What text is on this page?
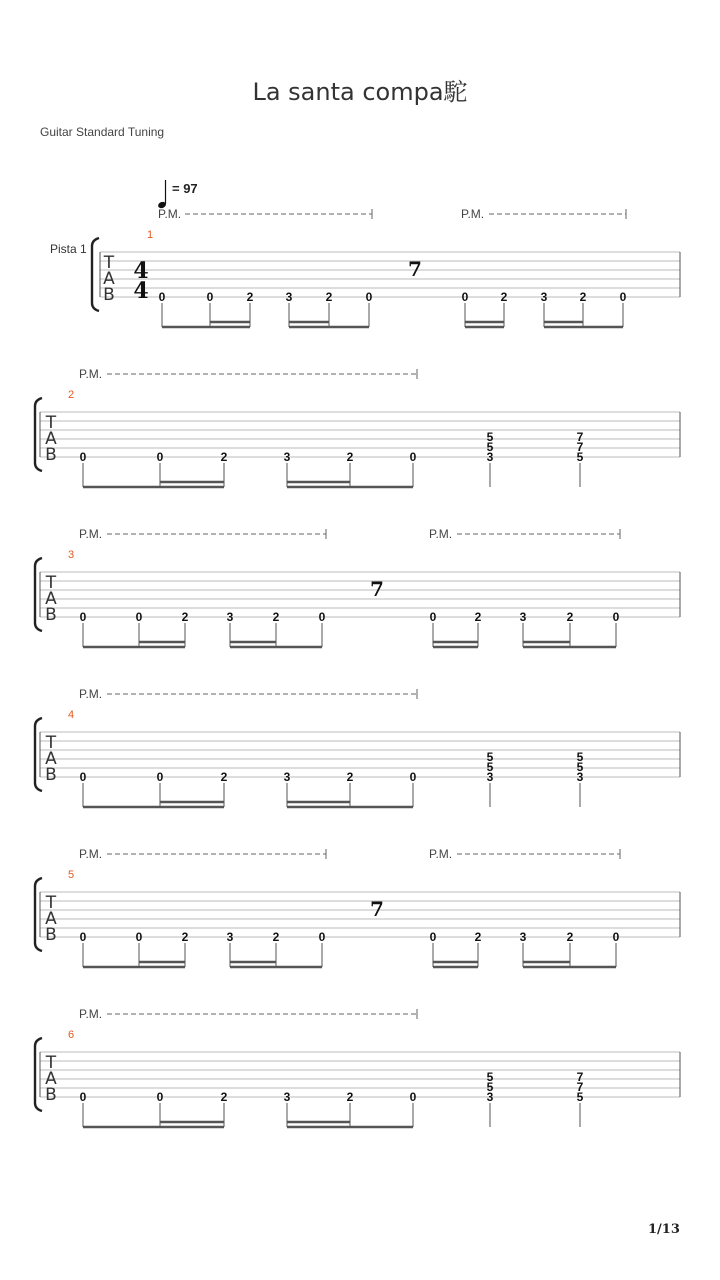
La santa compa駝
Guitar Standard Tuning
= 97
1/13
T
A
B
4
4
Pista 1
1
P.M.	P.M.
7
0	0	2	3	2	0	0	2	3	2	0
T
A
B
2
P.M.
0	0	2	3	2	0
5
5
3
7
7
5
T
A
B
3
P.M.	P.M.
7
0	0	2	3	2	0	0	2	3	2	0
T
A
B
4
P.M.
0	0	2	3	2	0
5
5
3
5
5
3
T
A
B
5
P.M.	P.M.
7
0	0	2	3	2	0	0	2	3	2	0
T
A
B
6
P.M.
0	0	2	3	2	0
5
5
3
7
7
5
